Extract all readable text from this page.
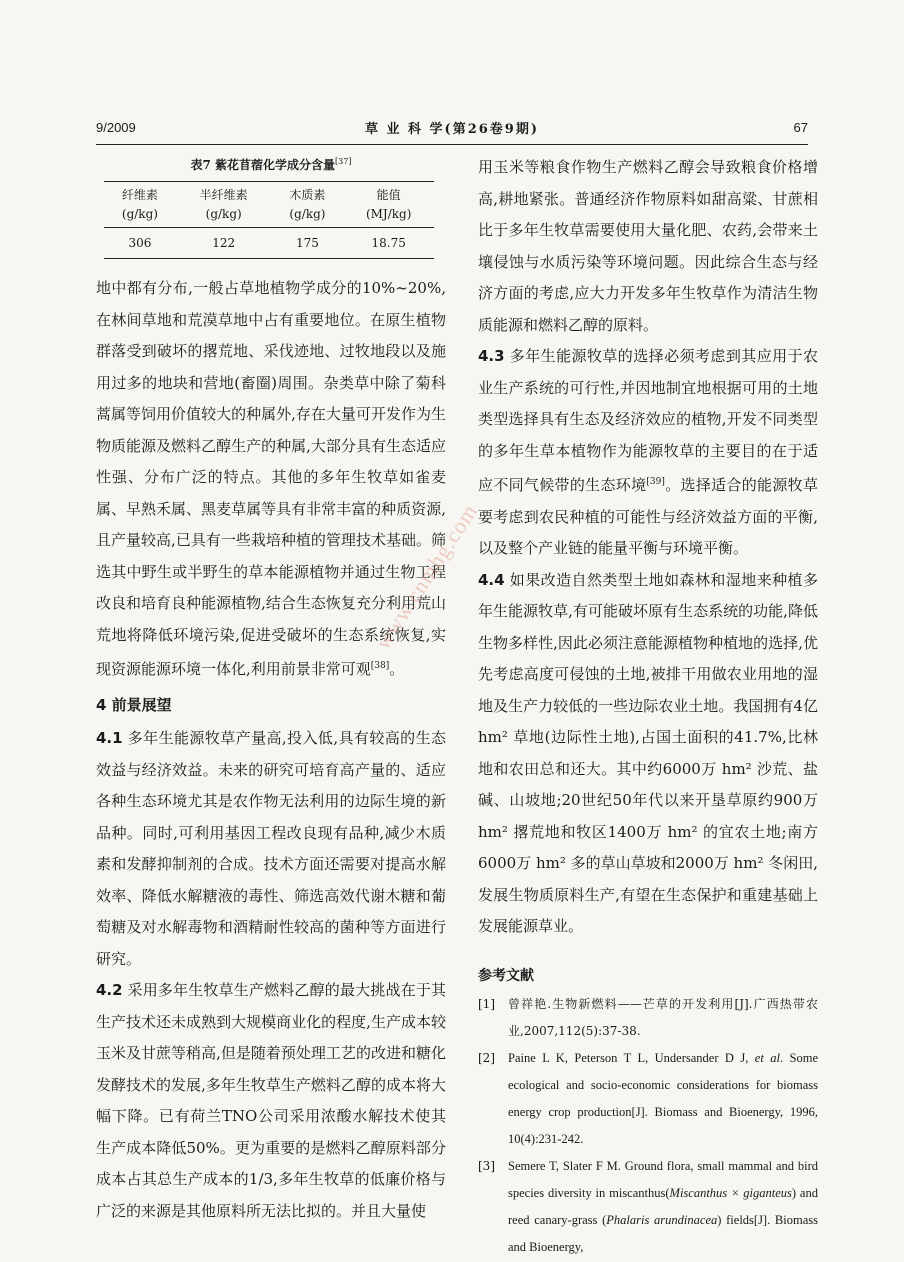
9/2009	草 业 科 学(第26卷9期)	67
表7 紫花苜蓿化学成分含量[37]
纤维素	半纤维素	木质素	能值
(g/kg)	(g/kg)	(g/kg)	(MJ/kg)
306	122	175	18.75

地中都有分布,一般占草地植物学成分的10%~20%,在林间草地和荒漠草地中占有重要地位。在原生植物群落受到破坏的撂荒地、采伐迹地、过牧地段以及施用过多的地块和营地(畜圈)周围。杂类草中除了菊科蒿属等饲用价值较大的种属外,存在大量可开发作为生物质能源及燃料乙醇生产的种属,大部分具有生态适应性强、分布广泛的特点。其他的多年生牧草如雀麦属、早熟禾属、黑麦草属等具有非常丰富的种质资源,且产量较高,已具有一些栽培种植的管理技术基础。筛选其中野生或半野生的草本能源植物并通过生物工程改良和培育良种能源植物,结合生态恢复充分利用荒山荒地将降低环境污染,促进受破坏的生态系统恢复,实现资源能源环境一体化,利用前景非常可观[38]。

4 前景展望

4.1 多年生能源牧草产量高,投入低,具有较高的生态效益与经济效益。未来的研究可培育高产量的、适应各种生态环境尤其是农作物无法利用的边际生境的新品种。同时,可利用基因工程改良现有品种,减少木质素和发酵抑制剂的合成。技术方面还需要对提高水解效率、降低水解糖液的毒性、筛选高效代谢木糖和葡萄糖及对水解毒物和酒精耐性较高的菌种等方面进行研究。

4.2 采用多年生牧草生产燃料乙醇的最大挑战在于其生产技术还未成熟到大规模商业化的程度,生产成本较玉米及甘蔗等稍高,但是随着预处理工艺的改进和糖化发酵技术的发展,多年生牧草生产燃料乙醇的成本将大幅下降。已有荷兰TNO公司采用浓酸水解技术使其生产成本降低50%。更为重要的是燃料乙醇原料部分成本占其总生产成本的1/3,多年生牧草的低廉价格与广泛的来源是其他原料所无法比拟的。并且大量使

用玉米等粮食作物生产燃料乙醇会导致粮食价格增高,耕地紧张。普通经济作物原料如甜高粱、甘蔗相比于多年生牧草需要使用大量化肥、农药,会带来土壤侵蚀与水质污染等环境问题。因此综合生态与经济方面的考虑,应大力开发多年生牧草作为清洁生物质能源和燃料乙醇的原料。

4.3 多年生能源牧草的选择必须考虑到其应用于农业生产系统的可行性,并因地制宜地根据可用的土地类型选择具有生态及经济效应的植物,开发不同类型的多年生草本植物作为能源牧草的主要目的在于适应不同气候带的生态环境[39]。选择适合的能源牧草要考虑到农民种植的可能性与经济效益方面的平衡,以及整个产业链的能量平衡与环境平衡。

4.4 如果改造自然类型土地如森林和湿地来种植多年生能源牧草,有可能破坏原有生态系统的功能,降低生物多样性,因此必须注意能源植物种植地的选择,优先考虑高度可侵蚀的土地,被排干用做农业用地的湿地及生产力较低的一些边际农业土地。我国拥有4亿 hm² 草地(边际性土地),占国土面积的41.7%,比林地和农田总和还大。其中约6000万 hm² 沙荒、盐碱、山坡地;20世纪50年代以来开垦草原约900万 hm² 撂荒地和牧区1400万 hm² 的宜农土地;南方6000万 hm² 多的草山草坡和2000万 hm² 冬闲田,发展生物质原料生产,有望在生态保护和重建基础上发展能源草业。

参考文献
[1]	曾祥艳.生物新燃料——芒草的开发利用[J].广西热带农业,2007,112(5):37-38.
[2]	Paine L K, Peterson T L, Undersander D J, et al. Some ecological and socio-economic considerations for biomass energy crop production[J]. Biomass and Bioenergy, 1996, 10(4):231-242.
[3]	Semere T, Slater F M. Ground flora, small mammal and bird species diversity in miscanthus(Miscanthus × giganteus) and reed canary-grass (Phalaris arundinacea) fields[J]. Biomass and Bioenergy,
www.cnmhg.com
